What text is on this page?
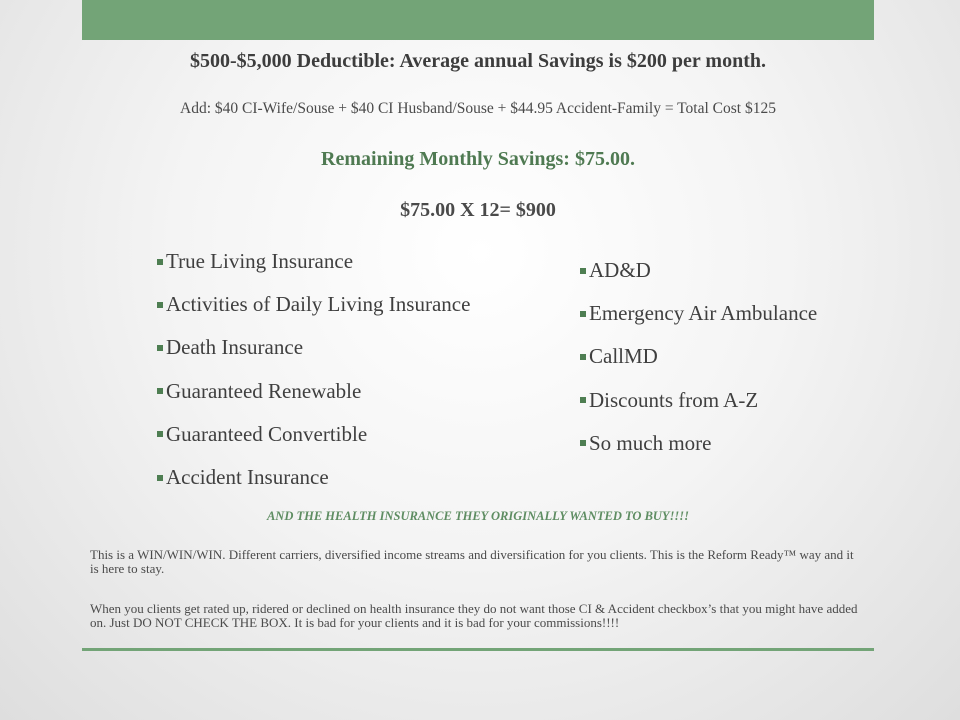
$500-$5,000 Deductible: Average annual Savings is $200 per month.
Add: $40 CI-Wife/Souse + $40 CI Husband/Souse + $44.95 Accident-Family = Total Cost $125
Remaining Monthly Savings: $75.00.
$75.00 X 12= $900
True Living Insurance
Activities of Daily Living Insurance
Death Insurance
Guaranteed Renewable
Guaranteed Convertible
Accident Insurance
AD&D
Emergency Air Ambulance
CallMD
Discounts from A-Z
So much more
AND THE HEALTH INSURANCE THEY ORIGINALLY WANTED TO BUY!!!!
This is a WIN/WIN/WIN. Different carriers, diversified income streams and diversification for you clients. This is the Reform Ready™ way and it is here to stay.
When you clients get rated up, ridered or declined on health insurance they do not want those CI & Accident checkbox’s that you might have added on. Just DO NOT CHECK THE BOX. It is bad for your clients and it is bad for your commissions!!!!
